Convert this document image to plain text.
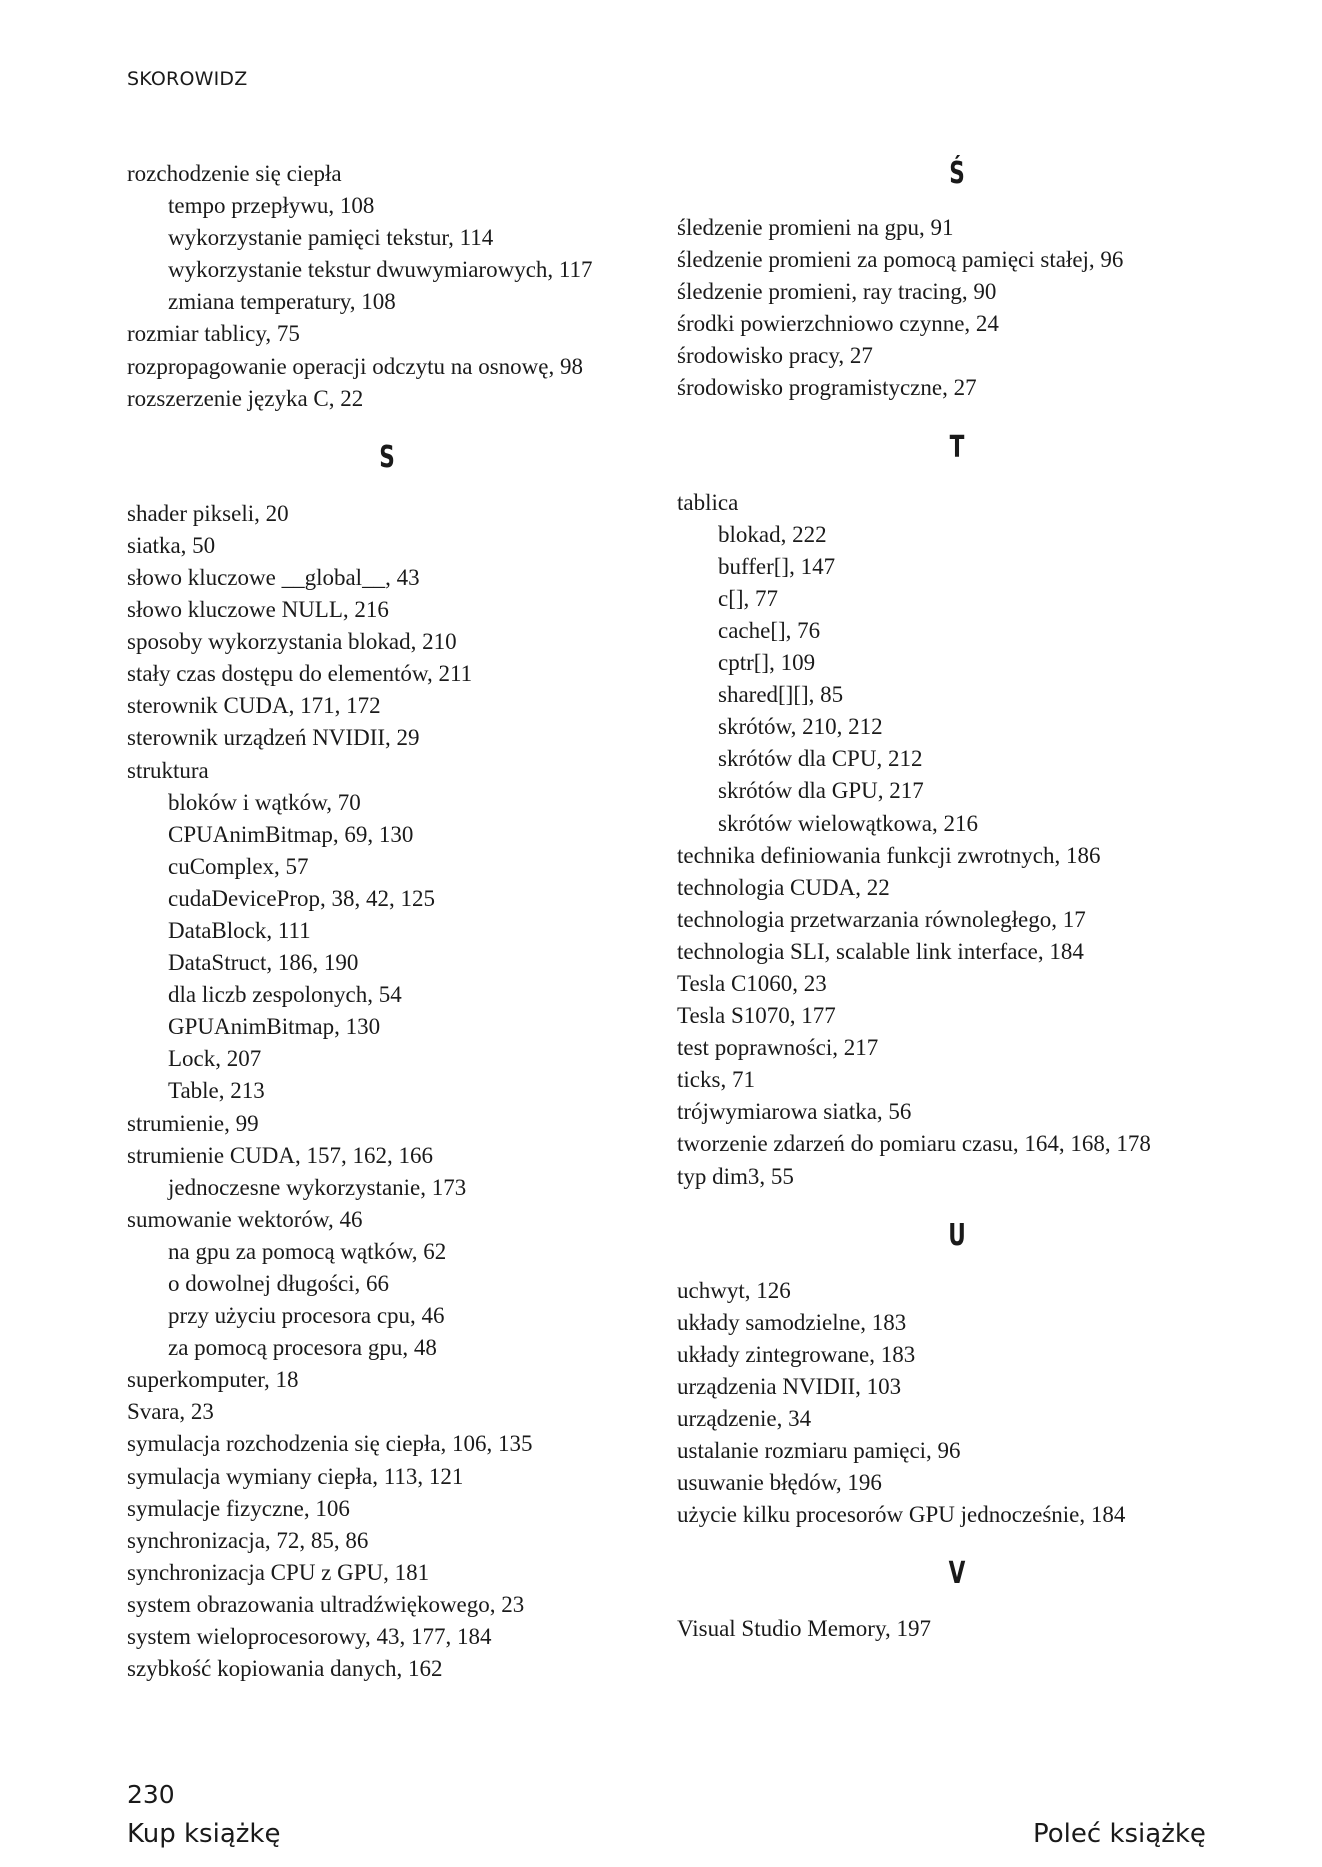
SKOROWIDZ
rozchodzenie się ciepła
tempo przepływu, 108
wykorzystanie pamięci tekstur, 114
wykorzystanie tekstur dwuwymiarowych, 117
zmiana temperatury, 108
rozmiar tablicy, 75
rozpropagowanie operacji odczytu na osnowę, 98
rozszerzenie języka C, 22
S
shader pikseli, 20
siatka, 50
słowo kluczowe __global__, 43
słowo kluczowe NULL, 216
sposoby wykorzystania blokad, 210
stały czas dostępu do elementów, 211
sterownik CUDA, 171, 172
sterownik urządzeń NVIDII, 29
struktura
bloków i wątków, 70
CPUAnimBitmap, 69, 130
cuComplex, 57
cudaDeviceProp, 38, 42, 125
DataBlock, 111
DataStruct, 186, 190
dla liczb zespolonych, 54
GPUAnimBitmap, 130
Lock, 207
Table, 213
strumienie, 99
strumienie CUDA, 157, 162, 166
jednoczesne wykorzystanie, 173
sumowanie wektorów, 46
na gpu za pomocą wątków, 62
o dowolnej długości, 66
przy użyciu procesora cpu, 46
za pomocą procesora gpu, 48
superkomputer, 18
Svara, 23
symulacja rozchodzenia się ciepła, 106, 135
symulacja wymiany ciepła, 113, 121
symulacje fizyczne, 106
synchronizacja, 72, 85, 86
synchronizacja CPU z GPU, 181
system obrazowania ultradźwiękowego, 23
system wieloprocesorowy, 43, 177, 184
szybkość kopiowania danych, 162
Ś
śledzenie promieni na gpu, 91
śledzenie promieni za pomocą pamięci stałej, 96
śledzenie promieni, ray tracing, 90
środki powierzchniowo czynne, 24
środowisko pracy, 27
środowisko programistyczne, 27
T
tablica
blokad, 222
buffer[], 147
c[], 77
cache[], 76
cptr[], 109
shared[][], 85
skrótów, 210, 212
skrótów dla CPU, 212
skrótów dla GPU, 217
skrótów wielowątkowa, 216
technika definiowania funkcji zwrotnych, 186
technologia CUDA, 22
technologia przetwarzania równoległego, 17
technologia SLI, scalable link interface, 184
Tesla C1060, 23
Tesla S1070, 177
test poprawności, 217
ticks, 71
trójwymiarowa siatka, 56
tworzenie zdarzeń do pomiaru czasu, 164, 168, 178
typ dim3, 55
U
uchwyt, 126
układy samodzielne, 183
układy zintegrowane, 183
urządzenia NVIDII, 103
urządzenie, 34
ustalanie rozmiaru pamięci, 96
usuwanie błędów, 196
użycie kilku procesorów GPU jednocześnie, 184
V
Visual Studio Memory, 197
230
Kup książkę	Poleć książkę
